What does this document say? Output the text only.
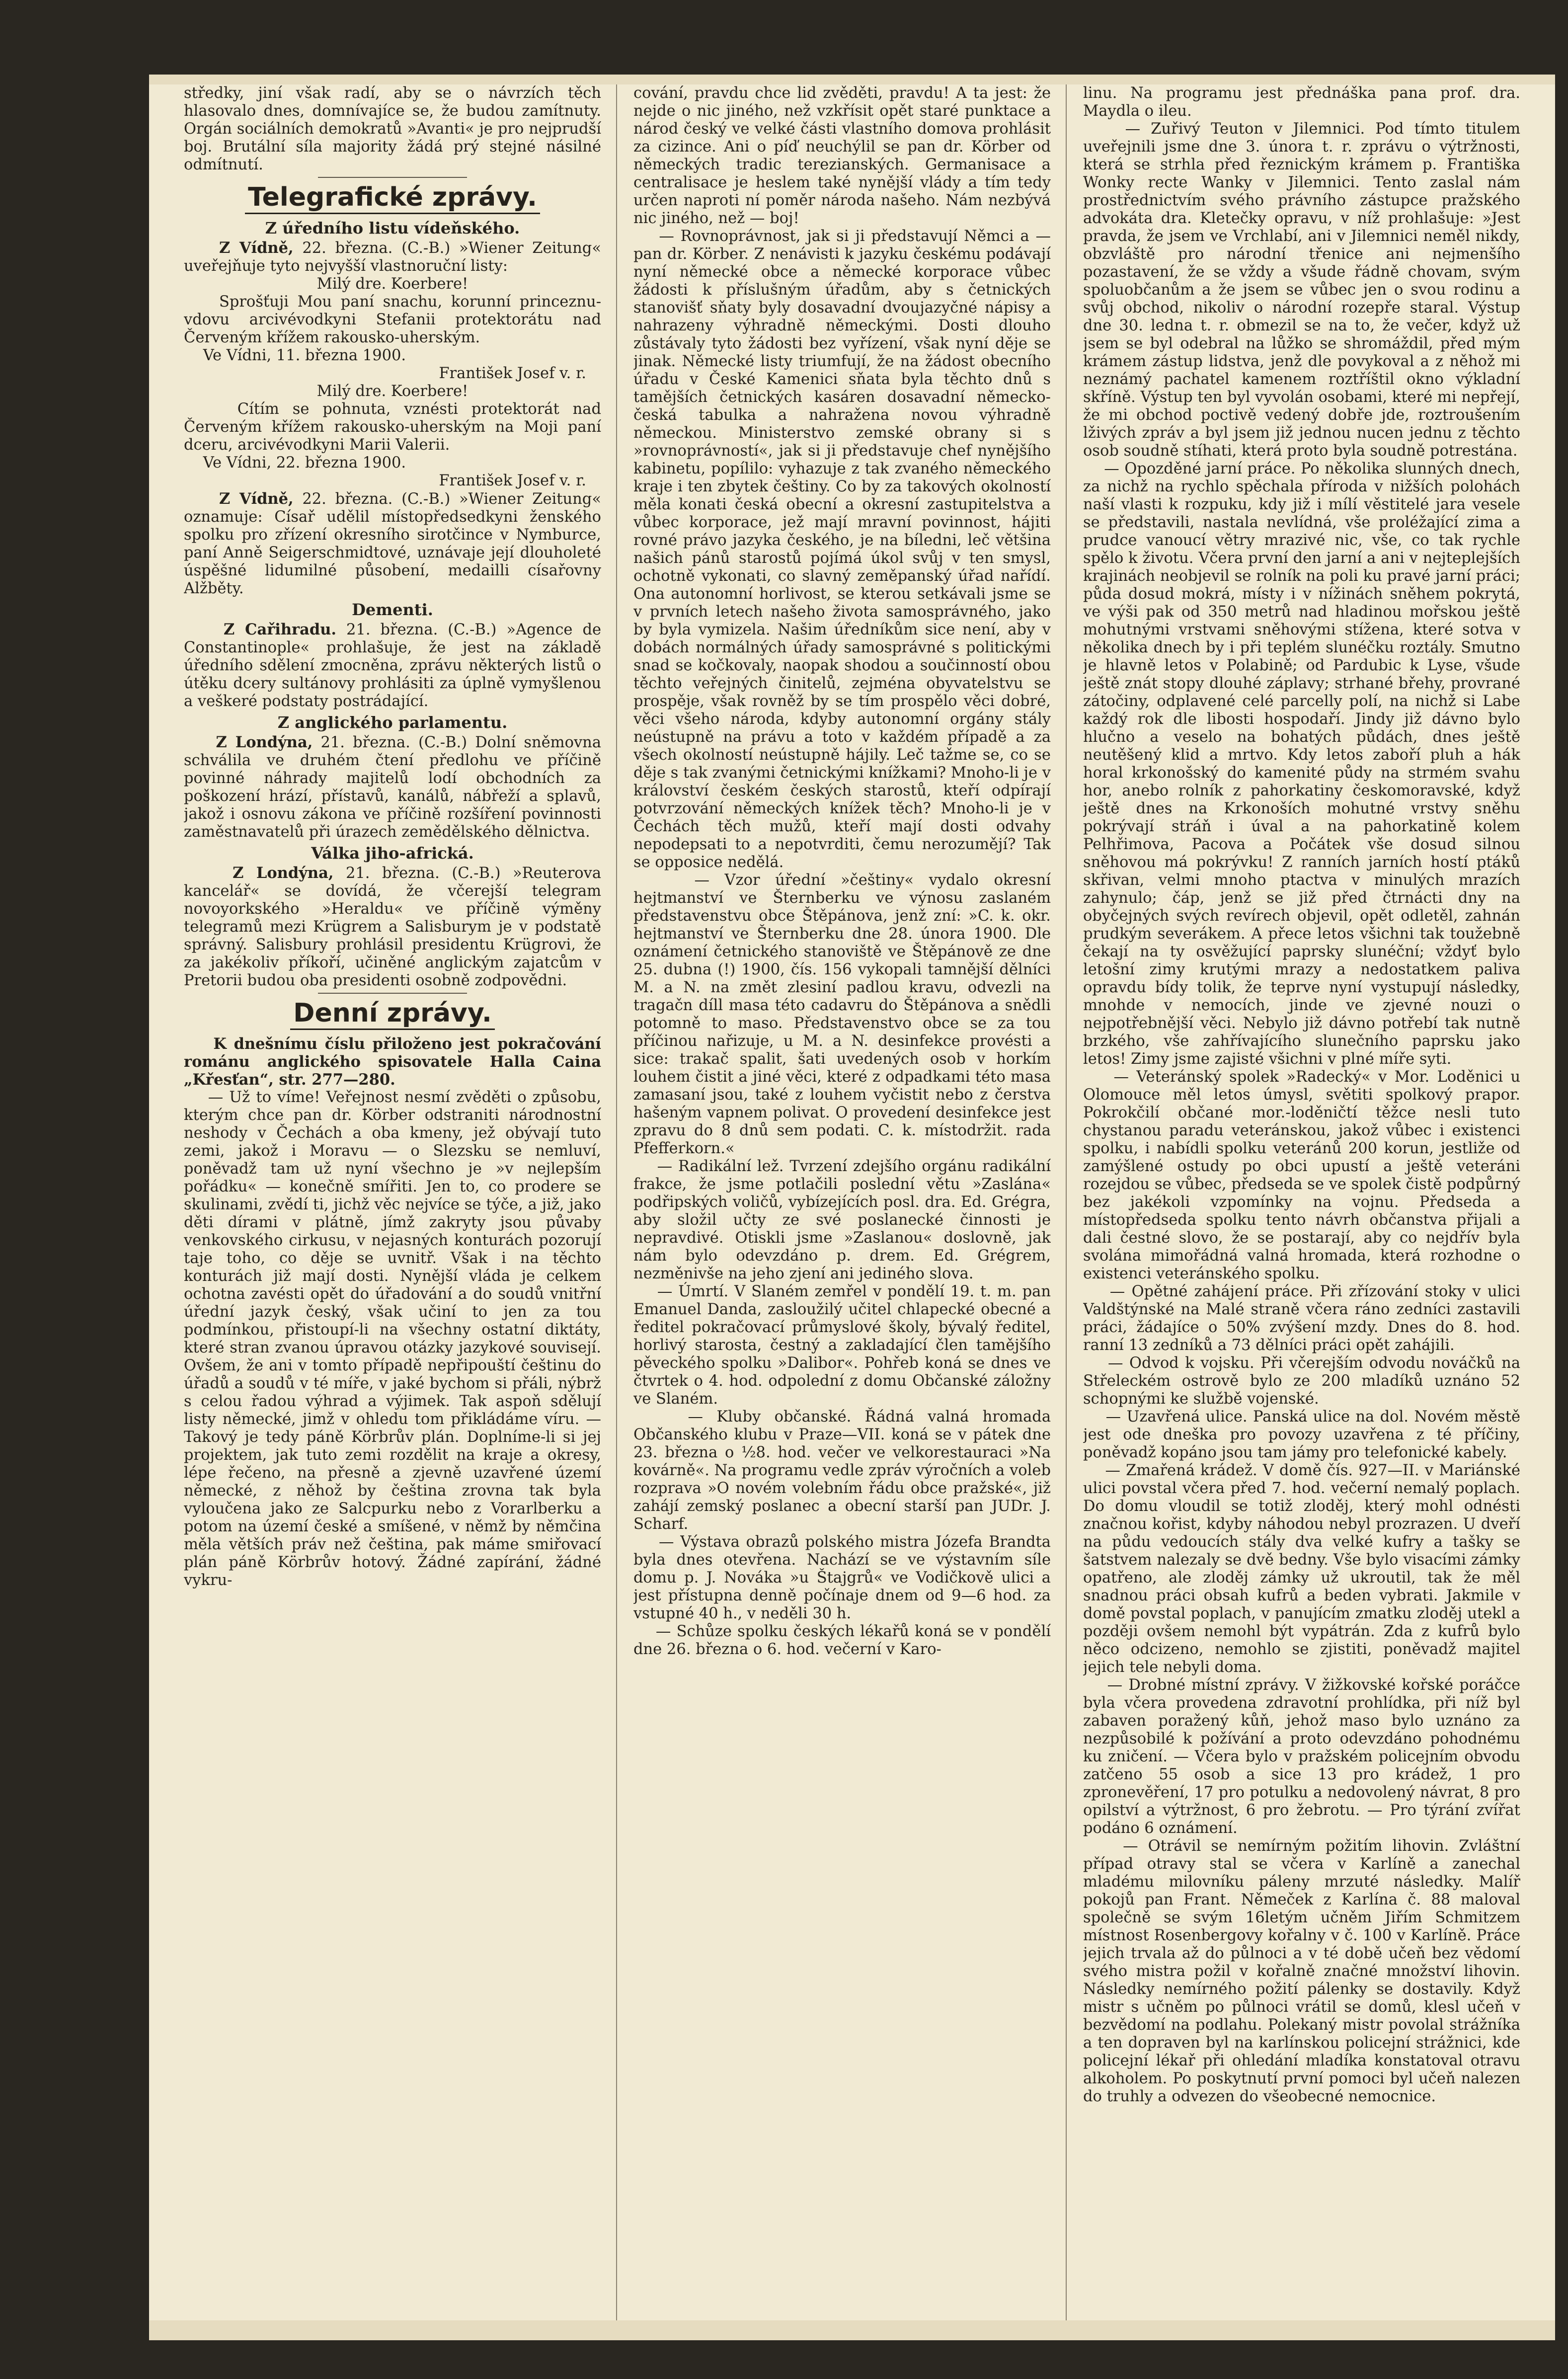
středky, jiní však radí, aby se o návrzích těch hlasovalo dnes, domnívajíce se, že budou zamítnuty. Orgán sociálních demokratů »Avanti« je pro nejprudší boj. Brutální síla majority žádá prý stejné násilné odmítnutí.

Telegrafické zprávy.
Z úředního listu vídeňského.

Z Vídně, 22. března. (C.-B.) »Wiener Zeitung« uveřejňuje tyto nejvyšší vlastnoruční listy:

Milý dre. Koerbere!

Sprošťuji Mou paní snachu, korunní princeznu-vdovu arcivévodkyni Stefanii protektorátu nad Červeným křížem rakousko-uherským.

Ve Vídni, 11. března 1900.

František Josef v. r.

Milý dre. Koerbere!

Cítím se pohnuta, vznésti protektorát nad Červeným křížem rakousko-uherským na Moji paní dceru, arcivévodkyni Marii Valerii.

Ve Vídni, 22. března 1900.

František Josef v. r.

Z Vídně, 22. března. (C.-B.) »Wiener Zeitung« oznamuje: Císař udělil místopředsedkyni ženského spolku pro zřízení okresního sirotčince v Nymburce, paní Anně Seigerschmidtové, uznávaje její dlouholeté úspěšné lidumilné působení, medailli císařovny Alžběty.

Dementi.

Z Cařihradu. 21. března. (C.-B.) »Agence de Constantinople« prohlašuje, že jest na základě úředního sdělení zmocněna, zprávu některých listů o útěku dcery sultánovy prohlásiti za úplně vymyšlenou a veškeré podstaty postrádající.

Z anglického parlamentu.

Z Londýna, 21. března. (C.-B.) Dolní sněmovna schválila ve druhém čtení předlohu ve příčině povinné náhrady majitelů lodí obchodních za poškození hrází, přístavů, kanálů, nábřeží a splavů, jakož i osnovu zákona ve příčině rozšíření povinnosti zaměstnavatelů při úrazech zemědělského dělnictva.

Válka jiho-africká.

Z Londýna, 21. března. (C.-B.) »Reuterova kancelář« se dovídá, že včerejší telegram novoyorkského »Heraldu« ve příčině výměny telegramů mezi Krügrem a Salisburym je v podstatě správný. Salisbury prohlásil presidentu Krügrovi, že za jakékoliv příkoří, učiněné anglickým zajatcům v Pretorii budou oba presidenti osobně zodpovědni.

Denní zprávy.

K dnešnímu číslu přiloženo jest pokračování románu anglického spisovatele Halla Caina „Křesťan“, str. 277—280.

— Už to víme! Veřejnost nesmí zvěděti o způsobu, kterým chce pan dr. Körber odstraniti národnostní neshody v Čechách a oba kmeny, jež obývají tuto zemi, jakož i Moravu — o Slezsku se nemluví, poněvadž tam už nyní všechno je »v nejlepším pořádku« — konečně smířiti. Jen to, co prodere se skulinami, zvědí ti, jichž věc nejvíce se týče, a již, jako děti dírami v plátně, jímž zakryty jsou půvaby venkovského cirkusu, v nejasných konturách pozorují taje toho, co děje se uvnitř. Však i na těchto konturách již mají dosti. Nynější vláda je celkem ochotna zavésti opět do úřadování a do soudů vnitřní úřední jazyk český, však učiní to jen za tou podmínkou, přistoupí-li na všechny ostatní diktáty, které stran zvanou úpravou otázky jazykové souvisejí. Ovšem, že ani v tomto případě nepřipouští češtinu do úřadů a soudů v té míře, v jaké bychom si přáli, nýbrž s celou řadou výhrad a výjimek. Tak aspoň sdělují listy německé, jimž v ohledu tom přikládáme víru. — Takový je tedy páně Körbrův plán. Doplníme-li si jej projektem, jak tuto zemi rozdělit na kraje a okresy, lépe řečeno, na přesně a zjevně uzavřené území německé, z něhož by čeština zrovna tak byla vyloučena jako ze Salcpurku nebo z Vorarlberku a potom na území české a smíšené, v němž by němčina měla větších práv než čeština, pak máme smiřovací plán páně Körbrův hotový. Žádné zapírání, žádné vykru-

cování, pravdu chce lid zvěděti, pravdu! A ta jest: že nejde o nic jiného, než vzkřísit opět staré punktace a národ český ve velké části vlastního domova prohlásit za cizince. Ani o píď neuchýlil se pan dr. Körber od německých tradic terezianských. Germanisace a centralisace je heslem také nynější vlády a tím tedy určen naproti ní poměr národa našeho. Nám nezbývá nic jiného, než — boj!

— Rovnoprávnost, jak si ji představují Němci a — pan dr. Körber. Z nenávisti k jazyku českému podávají nyní německé obce a německé korporace vůbec žádosti k příslušným úřadům, aby s četnických stanovišť sňaty byly dosavadní dvoujazyčné nápisy a nahrazeny výhradně německými. Dosti dlouho zůstávaly tyto žádosti bez vyřízení, však nyní děje se jinak. Německé listy triumfují, že na žádost obecního úřadu v České Kamenici sňata byla těchto dnů s tamějších četnických kasáren dosavadní německo-česká tabulka a nahražena novou výhradně německou. Ministerstvo zemské obrany si s »rovnoprávností«, jak si ji představuje chef nynějšího kabinetu, popílilo: vyhazuje z tak zvaného německého kraje i ten zbytek češtiny. Co by za takových okolností měla konati česká obecní a okresní zastupitelstva a vůbec korporace, jež mají mravní povinnost, hájiti rovné právo jazyka českého, je na bíledni, leč většina našich pánů starostů pojímá úkol svůj v ten smysl, ochotně vykonati, co slavný zeměpanský úřad nařídí. Ona autonomní horlivost, se kterou setkávali jsme se v prvních letech našeho života samosprávného, jako by byla vymizela. Našim úředníkům sice není, aby v dobách normálných úřady samosprávné s politickými snad se kočkovaly, naopak shodou a součinností obou těchto veřejných činitelů, zejména obyvatelstvu se prospěje, však rovněž by se tím prospělo věci dobré, věci všeho národa, kdyby autonomní orgány stály neústupně na právu a toto v každém případě a za všech okolností neústupně hájily. Leč tažme se, co se děje s tak zvanými četnickými knížkami? Mnoho-li je v království českém českých starostů, kteří odpírají potvrzování německých knížek těch? Mnoho-li je v Čechách těch mužů, kteří mají dosti odvahy nepodepsati to a nepotvrditi, čemu nerozumějí? Tak se opposice nedělá.

— Vzor úřední »češtiny« vydalo okresní hejtmanství ve Šternberku ve výnosu zaslaném představenstvu obce Štěpánova, jenž zní: »C. k. okr. hejtmanství ve Šternberku dne 28. února 1900. Dle oznámení četnického stanoviště ve Štěpánově ze dne 25. dubna (!) 1900, čís. 156 vykopali tamnější dělníci M. a N. na změt zlesiní padlou kravu, odvezli na tragačn díll masa této cadavru do Štěpánova a snědli potomně to maso. Představenstvo obce se za tou příčinou nařizuje, u M. a N. desinfekce provésti a sice: trakač spalit, šati uvedených osob v horkím louhem čistit a jiné věci, které z odpadkami této masa zamasaní jsou, také z louhem vyčistit nebo z čerstva hašeným vapnem polivat. O provedení desinfekce jest zpravu do 8 dnů sem podati. C. k. místodržit. rada Pfefferkorn.«

— Radikální lež. Tvrzení zdejšího orgánu radikální frakce, že jsme potlačili poslední větu »Zaslána« podřipských voličů, vybízejících posl. dra. Ed. Grégra, aby složil učty ze své poslanecké činnosti je nepravdivé. Otiskli jsme »Zaslanou« doslovně, jak nám bylo odevzdáno p. drem. Ed. Grégrem, nezměnivše na jeho zjení ani jediného slova.

— Úmrtí. V Slaném zemřel v pondělí 19. t. m. pan Emanuel Danda, zasloužilý učitel chlapecké obecné a ředitel pokračovací průmyslové školy, bývalý ředitel, horlivý starosta, čestný a zakladající člen tamějšího pěveckého spolku »Dalibor«. Pohřeb koná se dnes ve čtvrtek o 4. hod. odpolední z domu Občanské záložny ve Slaném.

— Kluby občanské. Řádná valná hromada Občanského klubu v Praze—VII. koná se v pátek dne 23. března o ½8. hod. večer ve velkorestauraci »Na kovárně«. Na programu vedle zpráv výročních a voleb rozprava »O novém volebním řádu obce pražské«, již zahájí zemský poslanec a obecní starší pan JUDr. J. Scharf.

— Výstava obrazů polského mistra Józefa Brandta byla dnes otevřena. Nachází se ve výstavním síle domu p. J. Nováka »u Štajgrů« ve Vodičkově ulici a jest přístupna denně počínaje dnem od 9—6 hod. za vstupné 40 h., v neděli 30 h.

— Schůze spolku českých lékařů koná se v pondělí dne 26. března o 6. hod. večerní v Karo-

linu. Na programu jest přednáška pana prof. dra. Maydla o ileu.

— Zuřivý Teuton v Jilemnici. Pod tímto titulem uveřejnili jsme dne 3. února t. r. zprávu o výtržnosti, která se strhla před řeznickým krámem p. Františka Wonky recte Wanky v Jilemnici. Tento zaslal nám prostřednictvím svého právního zástupce pražského advokáta dra. Kletečky opravu, v níž prohlašuje: »Jest pravda, že jsem ve Vrchlabí, ani v Jilemnici neměl nikdy, obzvláště pro národní třenice ani nejmenšího pozastavení, že se vždy a všude řádně chovam, svým spoluobčanům a že jsem se vůbec jen o svou rodinu a svůj obchod, nikoliv o národní rozepře staral. Výstup dne 30. ledna t. r. obmezil se na to, že večer, když už jsem se byl odebral na lůžko se shromáždil, před mým krámem zástup lidstva, jenž dle povykoval a z něhož mi neznámý pachatel kamenem roztříštil okno výkladní skříně. Výstup ten byl vyvolán osobami, které mi nepřejí, že mi obchod poctivě vedený dobře jde, roztroušením lživých zpráv a byl jsem již jednou nucen jednu z těchto osob soudně stíhati, která proto byla soudně potrestána.

— Opozděné jarní práce. Po několika slunných dnech, za nichž na rychlo spěchala příroda v nižších polohách naší vlasti k rozpuku, kdy již i mílí věstitelé jara vesele se představili, nastala nevlídná, vše proléžající zima a prudce vanoucí větry mrazivé nic, vše, co tak rychle spělo k životu. Včera první den jarní a ani v nejteplejších krajinách neobjevil se rolník na poli ku pravé jarní práci; půda dosud mokrá, místy i v nížinách sněhem pokrytá, ve výši pak od 350 metrů nad hladinou mořskou ještě mohutnými vrstvami sněhovými stížena, které sotva v několika dnech by i při teplém slunéčku roztály. Smutno je hlavně letos v Polabině; od Pardubic k Lyse, všude ještě znát stopy dlouhé záplavy; strhané břehy, provrané zátočiny, odplavené celé parcelly polí, na nichž si Labe každý rok dle libosti hospodaří. Jindy již dávno bylo hlučno a veselo na bohatých půdách, dnes ještě neutěšený klid a mrtvo. Kdy letos zaboří pluh a hák horal krkonošský do kamenité půdy na strmém svahu hor, anebo rolník z pahorkatiny českomoravské, když ještě dnes na Krkonoších mohutné vrstvy sněhu pokrývají stráň i úval a na pahorkatině kolem Pelhřimova, Pacova a Počátek vše dosud silnou sněhovou má pokrývku! Z ranních jarních hostí ptáků skřivan, velmi mnoho ptactva v minulých mrazích zahynulo; čáp, jenž se již před čtrnácti dny na obyčejných svých revírech objevil, opět odletěl, zahnán prudkým severákem. A přece letos všichni tak toužebně čekají na ty osvěžující paprsky slunéční; vždyť bylo letošní zimy krutými mrazy a nedostatkem paliva opravdu bídy tolik, že teprve nyní vystupují následky, mnohde v nemocích, jinde ve zjevné nouzi o nejpotřebnější věci. Nebylo již dávno potřebí tak nutně brzkého, vše zahřívajícího slunečního paprsku jako letos! Zimy jsme zajisté všichni v plné míře syti.

— Veteránský spolek »Radecký« v Mor. Loděnici u Olomouce měl letos úmysl, světiti spolkový prapor. Pokrokčilí občané mor.-loděničtí těžce nesli tuto chystanou paradu veteránskou, jakož vůbec i existenci spolku, i nabídli spolku veteránů 200 korun, jestliže od zamýšlené ostudy po obci upustí a ještě veteráni rozejdou se vůbec, předseda se ve spolek čistě podpůrný bez jakékoli vzpomínky na vojnu. Předseda a místopředseda spolku tento návrh občanstva přijali a dali čestné slovo, že se postarají, aby co nejdřív byla svolána mimořádná valná hromada, která rozhodne o existenci veteránského spolku.

— Opětné zahájení práce. Při zřízování stoky v ulici Valdštýnské na Malé straně včera ráno zedníci zastavili práci, žádajíce o 50% zvýšení mzdy. Dnes do 8. hod. ranní 13 zedníků a 73 dělníci práci opět zahájili.

— Odvod k vojsku. Při včerejším odvodu nováčků na Střeleckém ostrově bylo ze 200 mladíků uznáno 52 schopnými ke službě vojenské.

— Uzavřená ulice. Panská ulice na dol. Novém městě jest ode dneška pro povozy uzavřena z té příčiny, poněvadž kopáno jsou tam jámy pro telefonické kabely.

— Zmařená krádež. V domě čís. 927—II. v Mariánské ulici povstal včera před 7. hod. večerní nemalý poplach. Do domu vloudil se totiž zloděj, který mohl odnésti značnou kořist, kdyby náhodou nebyl prozrazen. U dveří na půdu vedoucích stály dva velké kufry a tašky se šatstvem nalezaly se dvě bedny. Vše bylo visacími zámky opatřeno, ale zloděj zámky už ukroutil, tak že měl snadnou práci obsah kufrů a beden vybrati. Jakmile v domě povstal poplach, v panujícím zmatku zloděj utekl a později ovšem nemohl být vypátrán. Zda z kufrů bylo něco odcizeno, nemohlo se zjistiti, poněvadž majitel jejich tele nebyli doma.

— Drobné místní zprávy. V žižkovské kořské poráčce byla včera provedena zdravotní prohlídka, při níž byl zabaven poražený kůň, jehož maso bylo uznáno za nezpůsobilé k požívání a proto odevzdáno pohodnému ku zničení. — Včera bylo v pražském policejním obvodu zatčeno 55 osob a sice 13 pro krádež, 1 pro zpronevěření, 17 pro potulku a nedovolený návrat, 8 pro opilství a výtržnost, 6 pro žebrotu. — Pro týrání zvířat podáno 6 oznámení.

— Otrávil se nemírným požitím lihovin. Zvláštní případ otravy stal se včera v Karlíně a zanechal mladému milovníku páleny mrzuté následky. Malíř pokojů pan Frant. Němeček z Karlína č. 88 maloval společně se svým 16letým učněm Jiřím Schmitzem místnost Rosenbergovy kořalny v č. 100 v Karlíně. Práce jejich trvala až do půlnoci a v té době učeň bez vědomí svého mistra požil v kořalně značné množství lihovin. Následky nemírného požití pálenky se dostavily. Když mistr s učněm po půlnoci vrátil se domů, klesl učeň v bezvědomí na podlahu. Polekaný mistr povolal strážníka a ten dopraven byl na karlínskou policejní strážnici, kde policejní lékař při ohledání mladíka konstatoval otravu alkoholem. Po poskytnutí první pomoci byl učeň nalezen do truhly a odvezen do všeobecné nemocnice.
